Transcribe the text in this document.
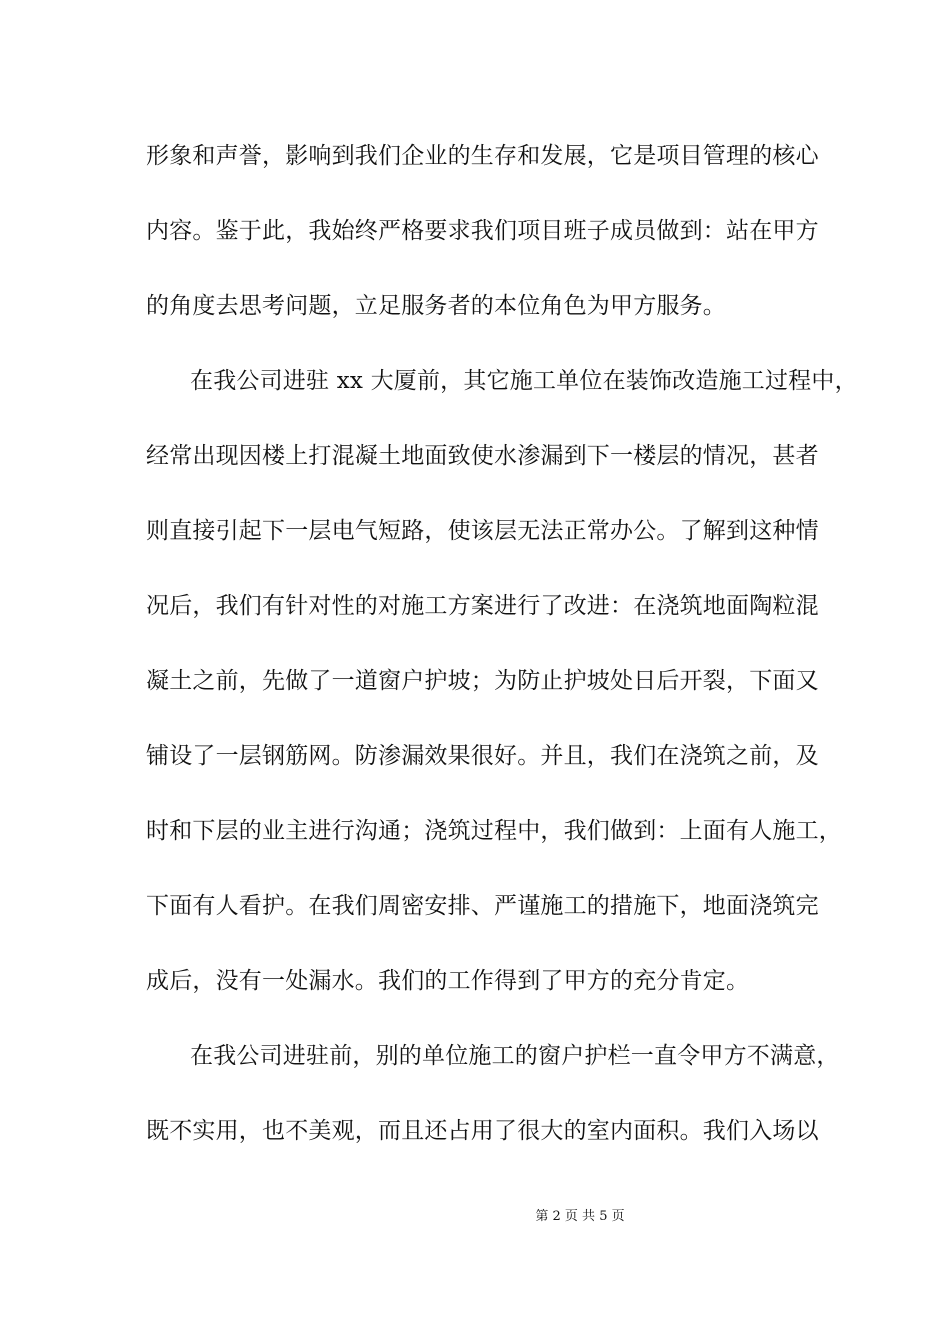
形象和声誉，影响到我们企业的生存和发展，它是项目管理的核心
内容。鉴于此，我始终严格要求我们项目班子成员做到：站在甲方
的角度去思考问题，立足服务者的本位角色为甲方服务。
在我公司进驻 xx 大厦前，其它施工单位在装饰改造施工过程中，
经常出现因楼上打混凝土地面致使水渗漏到下一楼层的情况，甚者
则直接引起下一层电气短路，使该层无法正常办公。了解到这种情
况后，我们有针对性的对施工方案进行了改进：在浇筑地面陶粒混
凝土之前，先做了一道窗户护坡；为防止护坡处日后开裂，下面又
铺设了一层钢筋网。防渗漏效果很好。并且，我们在浇筑之前，及
时和下层的业主进行沟通；浇筑过程中，我们做到：上面有人施工，
下面有人看护。在我们周密安排、严谨施工的措施下，地面浇筑完
成后，没有一处漏水。我们的工作得到了甲方的充分肯定。
在我公司进驻前，别的单位施工的窗户护栏一直令甲方不满意，
既不实用，也不美观，而且还占用了很大的室内面积。我们入场以
第 2 页 共 5 页
